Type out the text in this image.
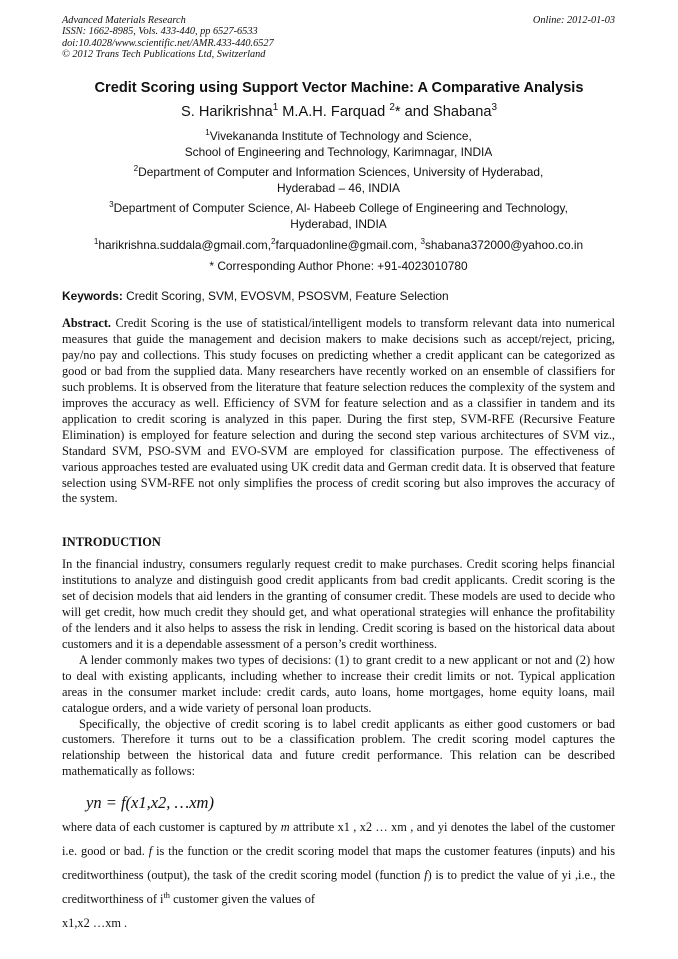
Advanced Materials Research
ISSN: 1662-8985, Vols. 433-440, pp 6527-6533
doi:10.4028/www.scientific.net/AMR.433-440.6527
© 2012 Trans Tech Publications Ltd, Switzerland
Online: 2012-01-03
Credit Scoring using Support Vector Machine: A Comparative Analysis
S. Harikrishna$^1$ M.A.H. Farquad $^2$* and Shabana$^3$
$^1$Vivekananda Institute of Technology and Science,
School of Engineering and Technology, Karimnagar, INDIA
$^2$Department of Computer and Information Sciences, University of Hyderabad,
Hyderabad – 46, INDIA
$^3$Department of Computer Science, Al- Habeeb College of Engineering and Technology,
Hyderabad, INDIA
$^1$harikrishna.suddala@gmail.com,$^2$farquadonline@gmail.com, $^3$shabana372000@yahoo.co.in
* Corresponding Author Phone: +91-4023010780
Keywords: Credit Scoring, SVM, EVOSVM, PSOSVM, Feature Selection

Abstract. Credit Scoring is the use of statistical/intelligent models to transform relevant data into numerical measures that guide the management and decision makers to make decisions such as accept/reject, pricing, pay/no pay and collections. This study focuses on predicting whether a credit applicant can be categorized as good or bad from the supplied data. Many researchers have recently worked on an ensemble of classifiers for such problems. It is observed from the literature that feature selection reduces the complexity of the system and improves the accuracy as well. Efficiency of SVM for feature selection and as a classifier in tandem and its application to credit scoring is analyzed in this paper. During the first step, SVM-RFE (Recursive Feature Elimination) is employed for feature selection and during the second step various architectures of SVM viz., Standard SVM, PSO-SVM and EVO-SVM are employed for classification purpose. The effectiveness of various approaches tested are evaluated using UK credit data and German credit data. It is observed that feature selection using SVM-RFE not only simplifies the process of credit scoring but also improves the accuracy of the system.

INTRODUCTION

In the financial industry, consumers regularly request credit to make purchases. Credit scoring helps financial institutions to analyze and distinguish good credit applicants from bad credit applicants. Credit scoring is the set of decision models that aid lenders in the granting of consumer credit. These models are used to decide who will get credit, how much credit they should get, and what operational strategies will enhance the profitability of the lenders and it also helps to assess the risk in lending. Credit scoring is based on the historical data about customers and it is a dependable assessment of a person’s credit worthiness.

A lender commonly makes two types of decisions: (1) to grant credit to a new applicant or not and (2) how to deal with existing applicants, including whether to increase their credit limits or not. Typical application areas in the consumer market include: credit cards, auto loans, home mortgages, home equity loans, mail catalogue orders, and a wide variety of personal loan products.

Specifically, the objective of credit scoring is to label credit applicants as either good customers or bad customers. Therefore it turns out to be a classification problem. The credit scoring model captures the relationship between the historical data and future credit performance. This relation can be described mathematically as follows:

yn = f(x1,x2, …xm)
where data of each customer is captured by m attribute x1 , x2 … xm , and yi denotes the label of the customer i.e. good or bad. f is the function or the credit scoring model that maps the customer features (inputs) and his creditworthiness (output), the task of the credit scoring model (function f) is to predict the value of yi ,i.e., the creditworthiness of $i^{th}$ customer given the values of
x1,x2 …xm .
